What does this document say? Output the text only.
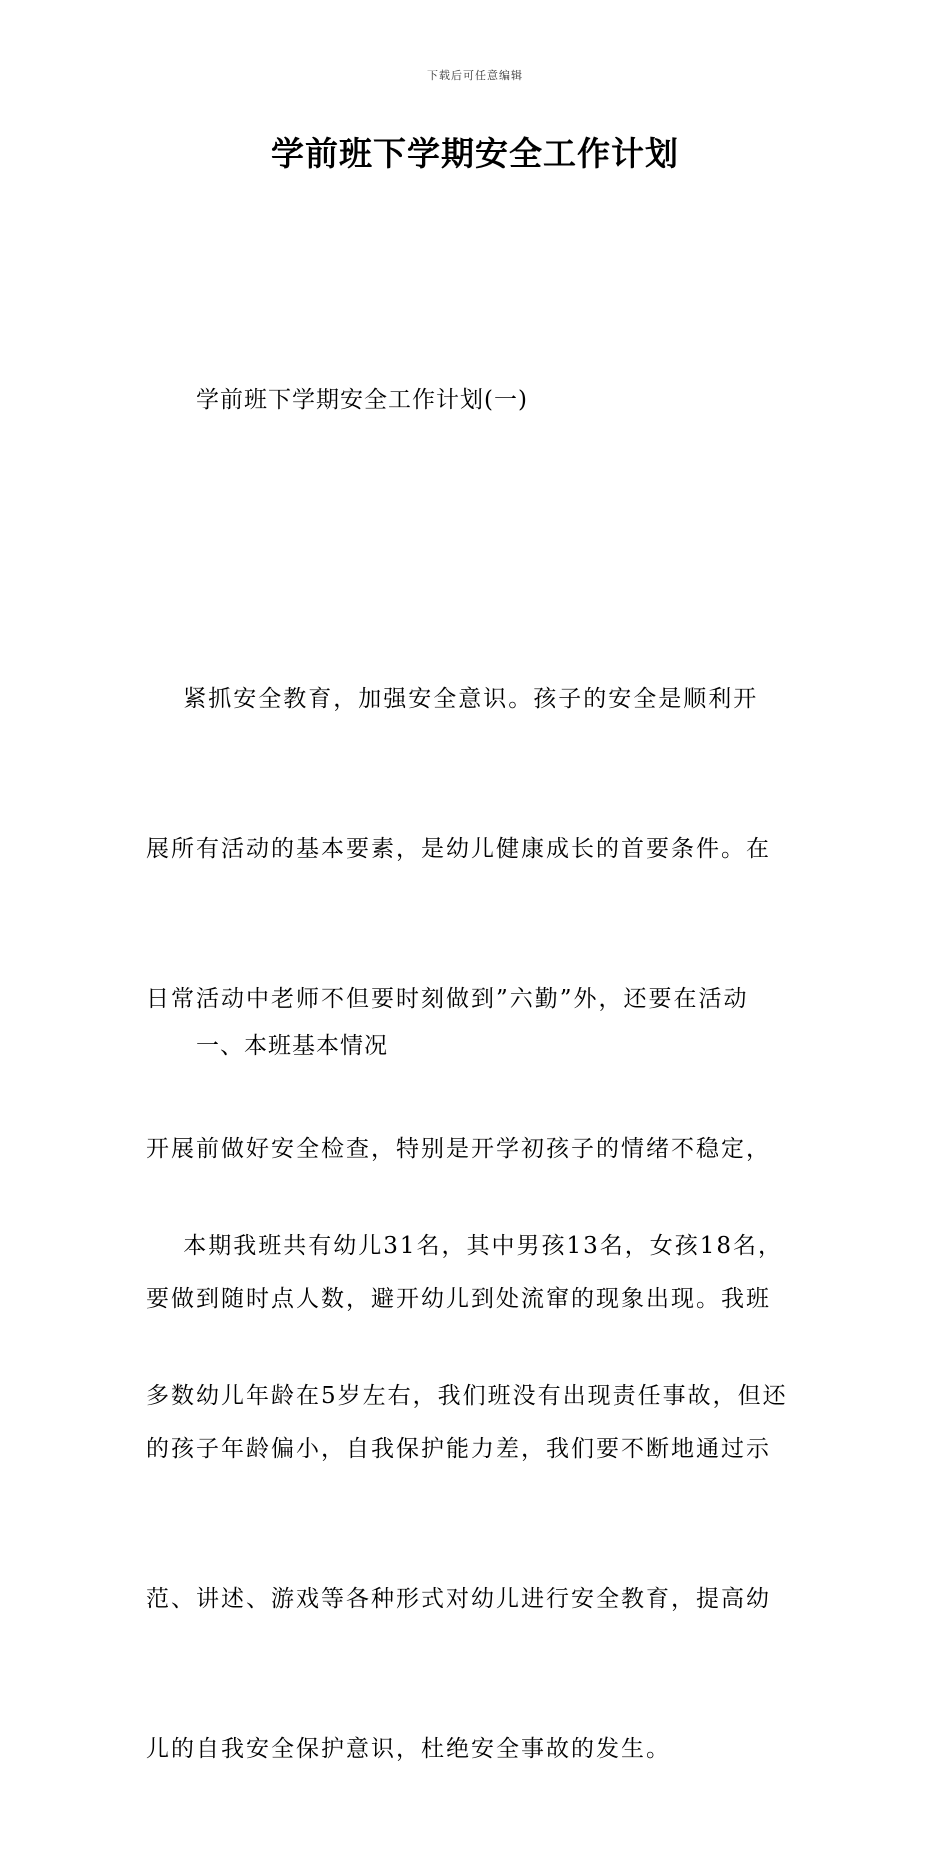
下载后可任意编辑
学前班下学期安全工作计划
学前班下学期安全工作计划(一)

紧抓安全教育，加强安全意识。孩子的安全是顺利开

展所有活动的基本要素，是幼儿健康成长的首要条件。在

日常活动中老师不但要时刻做到”六勤”外，还要在活动

开展前做好安全检查，特别是开学初孩子的情绪不稳定，

要做到随时点人数，避开幼儿到处流窜的现象出现。我班

的孩子年龄偏小，自我保护能力差，我们要不断地通过示

范、讲述、游戏等各种形式对幼儿进行安全教育，提高幼

儿的自我安全保护意识，杜绝安全事故的发生。

一、本班基本情况

本期我班共有幼儿31名，其中男孩13名，女孩18名，

多数幼儿年龄在5岁左右，我们班没有出现责任事故，但还
